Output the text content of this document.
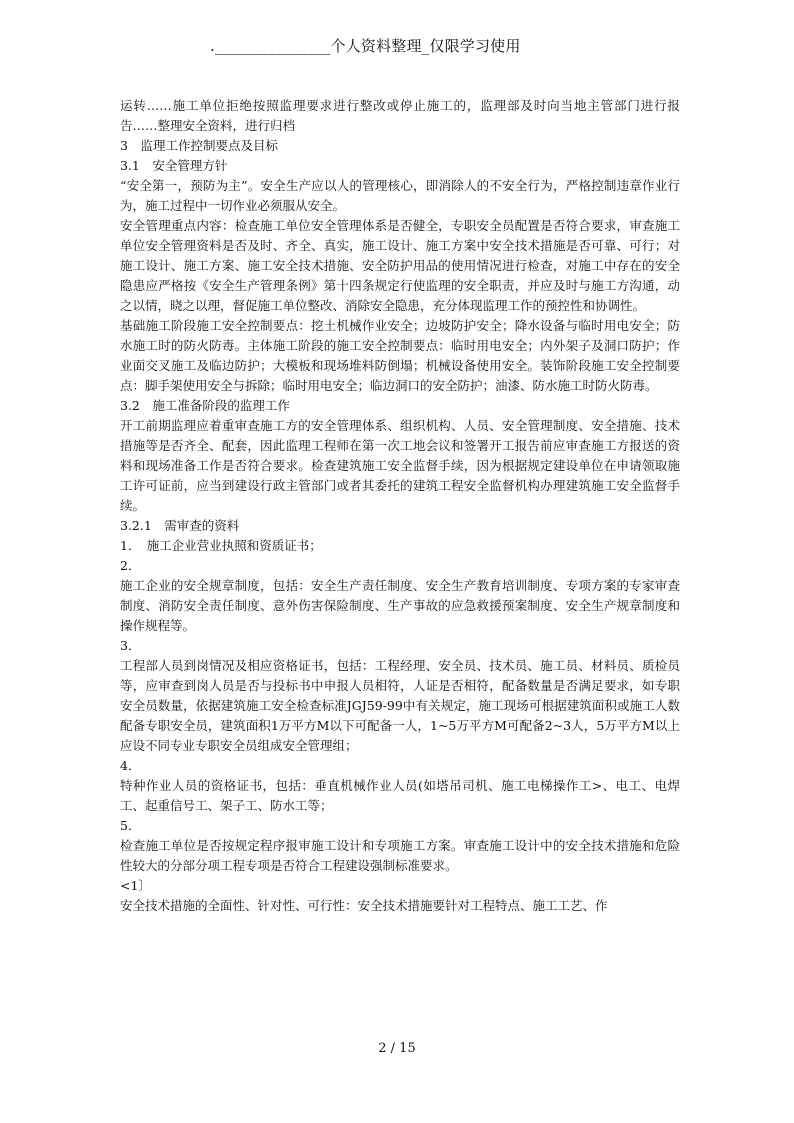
._______________个人资料整理_仅限学习使用

运转……施工单位拒绝按照监理要求进行整改或停止施工的，监理部及时向当地主管部门进行报告……整理安全资料，进行归档

3　监理工作控制要点及目标

3.1　安全管理方针

“安全第一，预防为主”。安全生产应以人的管理核心，即消除人的不安全行为，严格控制违章作业行为，施工过程中一切作业必须服从安全。

安全管理重点内容：检查施工单位安全管理体系是否健全，专职安全员配置是否符合要求，审查施工单位安全管理资料是否及时、齐全、真实，施工设计、施工方案中安全技术措施是否可靠、可行；对施工设计、施工方案、施工安全技术措施、安全防护用品的使用情况进行检查，对施工中存在的安全隐患应严格按《安全生产管理条例》第十四条规定行使监理的安全职责，并应及时与施工方沟通，动之以情，晓之以理，督促施工单位整改、消除安全隐患，充分体现监理工作的预控性和协调性。

基础施工阶段施工安全控制要点：挖土机械作业安全；边坡防护安全；降水设备与临时用电安全；防水施工时的防火防毒。主体施工阶段的施工安全控制要点：临时用电安全；内外架子及洞口防护；作业面交叉施工及临边防护；大模板和现场堆料防倒塌；机械设备使用安全。装饰阶段施工安全控制要点：脚手架使用安全与拆除；临时用电安全；临边洞口的安全防护；油漆、防水施工时防火防毒。

3.2　施工准备阶段的监理工作

开工前期监理应着重审查施工方的安全管理体系、组织机构、人员、安全管理制度、安全措施、技术措施等是否齐全、配套，因此监理工程师在第一次工地会议和签署开工报告前应审查施工方报送的资料和现场准备工作是否符合要求。检查建筑施工安全监督手续，因为根据规定建设单位在申请领取施工许可证前，应当到建设行政主管部门或者其委托的建筑工程安全监督机构办理建筑施工安全监督手续。

3.2.1　需审查的资料

1．　施工企业营业执照和资质证书；

2．

施工企业的安全规章制度，包括：安全生产责任制度、安全生产教育培训制度、专项方案的专家审查制度、消防安全责任制度、意外伤害保险制度、生产事故的应急救援预案制度、安全生产规章制度和操作规程等。

3．

工程部人员到岗情况及相应资格证书，包括：工程经理、安全员、技术员、施工员、材料员、质检员等，应审查到岗人员是否与投标书中申报人员相符，人证是否相符，配备数量是否满足要求，如专职安全员数量，依据建筑施工安全检查标准JGJ59-99中有关规定，施工现场可根据建筑面积或施工人数配备专职安全员，建筑面积1万平方M以下可配备一人，1~5万平方M可配备2~3人，5万平方M以上应设不同专业专职安全员组成安全管理组；

4．

特种作业人员的资格证书，包括：垂直机械作业人员(如塔吊司机、施工电梯操作工>、电工、电焊工、起重信号工、架子工、防水工等；

5．

检查施工单位是否按规定程序报审施工设计和专项施工方案。审查施工设计中的安全技术措施和危险性较大的分部分项工程专项是否符合工程建设强制标准要求。

<1〕

安全技术措施的全面性、针对性、可行性：安全技术措施要针对工程特点、施工工艺、作

2 / 15
